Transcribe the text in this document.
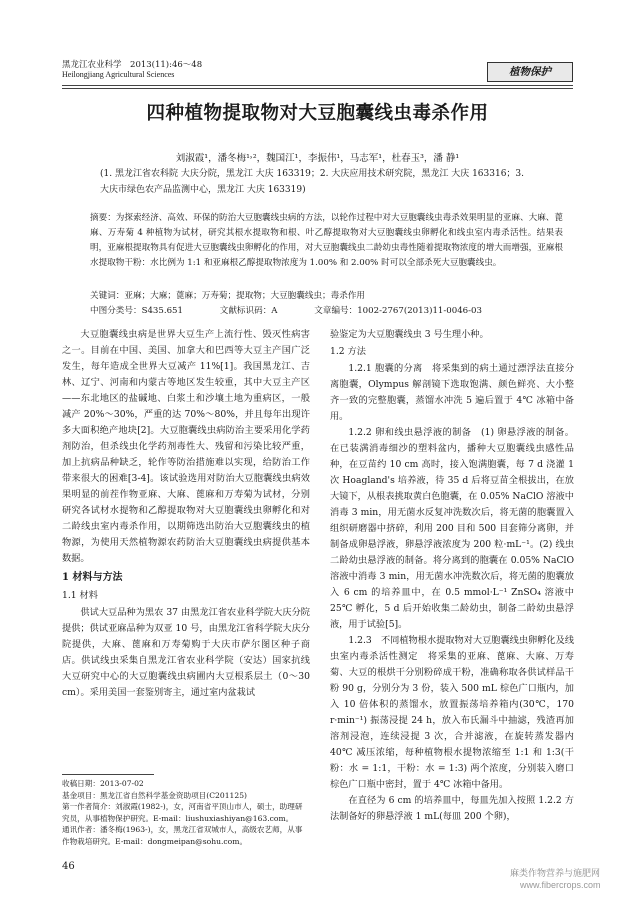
黑龙江农业科学　 2013(11):46～48
Heilongjiang Agricultural Sciences	植物保护
四种植物提取物对大豆胞囊线虫毒杀作用
刘淑霞¹，潘冬梅¹˒²，魏国江¹，李振伟¹，马志军¹，杜春玉³，潘 静¹
(1. 黑龙江省农科院 大庆分院，黑龙江 大庆 163319；2. 大庆应用技术研究院，黑龙江 大庆 163316；3. 大庆市绿色农产品监测中心，黑龙江 大庆 163319)
摘要：为探索经济、高效、环保的防治大豆胞囊线虫病的方法，以轮作过程中对大豆胞囊线虫毒杀效果明显的亚麻、大麻、蓖麻、万寿菊 4 种植物为试材，研究其根水提取物和根、叶乙醇提取物对大豆胞囊线虫卵孵化和线虫室内毒杀活性。结果表明，亚麻根提取物具有促进大豆胞囊线虫卵孵化的作用，对大豆胞囊线虫二龄幼虫毒性随着提取物浓度的增大而增强，亚麻根水提取物干粉：水比例为 1:1 和亚麻根乙醇提取物浓度为 1.00% 和 2.00% 时可以全部杀死大豆胞囊线虫。
关键词：亚麻；大麻；蓖麻；万寿菊；提取物；大豆胞囊线虫；毒杀作用
中图分类号：S435.651	文献标识码：A	文章编号：1002-2767(2013)11-0046-03

大豆胞囊线虫病是世界大豆生产上流行性、毁灭性病害之一。目前在中国、美国、加拿大和巴西等大豆主产国广泛发生，每年造成全世界大豆减产 11%[1]。我国黑龙江、吉林、辽宁、河南和内蒙古等地区发生较重，其中大豆主产区——东北地区的盐碱地、白浆土和沙壤土地为重病区，一般减产 20%～30%，严重的达 70%～80%，并且每年出现许多大面积绝产地块[2]。大豆胞囊线虫病防治主要采用化学药剂防治，但杀线虫化学药剂毒性大、残留和污染比较严重，加上抗病品种缺乏，轮作等防治措施难以实现，给防治工作带来很大的困难[3-4]。该试验选用对防治大豆胞囊线虫病效果明显的前茬作物亚麻、大麻、蓖麻和万寿菊为试材，分别研究各试材水提物和乙醇提取物对大豆胞囊线虫卵孵化和对二龄线虫室内毒杀作用，以期筛选出防治大豆胞囊线虫的植物源，为使用天然植物源农药防治大豆胞囊线虫病提供基本数据。

1 材料与方法
1.1 材料

供试大豆品种为黑农 37 由黑龙江省农业科学院大庆分院提供；供试亚麻品种为双亚 10 号，由黑龙江省科学院大庆分院提供，大麻、蓖麻和万寿菊购于大庆市萨尔图区种子商店。供试线虫采集自黑龙江省农业科学院（安达）国家抗线大豆研究中心的大豆胞囊线虫病圃内大豆根系层土（0～30 cm）。采用美国一套鉴别寄主，通过室内盆栽试

验鉴定为大豆胞囊线虫 3 号生理小种。

1.2 方法

1.2.1 胞囊的分离　 将采集到的病土通过漂浮法直接分离胞囊，Olympus 解剖镜下选取饱满、颜色鲜亮、大小整齐一致的完整胞囊，蒸馏水冲洗 5 遍后置于 4℃ 冰箱中备用。

1.2.2 卵和线虫悬浮液的制备　 (1) 卵悬浮液的制备。在已装满消毒细沙的塑料盆内，播种大豆胞囊线虫感性品种，在豆苗约 10 cm 高时，接入饱满胞囊，每 7 d 浇灌 1 次 Hoagland's 培养液，待 35 d 后将豆苗全根拔出，在放大镜下，从根表挑取黄白色胞囊，在 0.05% NaClO 溶液中消毒 3 min，用无菌水反复冲洗数次后，将无菌的胞囊置入组织研磨器中挤碎，利用 200 目和 500 目套筛分离卵，并制备成卵悬浮液，卵悬浮液浓度为 200 粒·mL⁻¹。(2) 线虫二龄幼虫悬浮液的制备。将分离到的胞囊在 0.05% NaClO 溶液中消毒 3 min，用无菌水冲洗数次后，将无菌的胞囊放入 6 cm 的培养皿中，在 0.5 mmol·L⁻¹ ZnSO₄ 溶液中 25℃ 孵化，5 d 后开始收集二龄幼虫，制备二龄幼虫悬浮液，用于试验[5]。

1.2.3　 不同植物根水提取物对大豆胞囊线虫卵孵化及线虫室内毒杀活性测定　将采集的亚麻、蓖麻、大麻、万寿菊、大豆的根烘干分别粉碎成干粉，准确称取各供试样品干粉 90 g，分别分为 3 份，装入 500 mL 棕色广口瓶内，加入 10 倍体积的蒸馏水，放置振荡培养箱内(30℃，170 r·min⁻¹) 振荡浸提 24 h，放入布氏漏斗中抽滤，残渣再加溶剂浸泡，连续浸提 3 次，合并滤液，在旋转蒸发器内 40℃ 减压浓缩，每种植物根水提物浓缩至 1:1 和 1:3(干粉：水 = 1:1，干粉：水 = 1:3) 两个浓度，分别装入磨口棕色广口瓶中密封，置于 4℃ 冰箱中备用。

在直径为 6 cm 的培养皿中，每皿先加入按照 1.2.2 方法制备好的卵悬浮液 1 mL(每皿 200 个卵)，

收稿日期：2013-07-02
基金项目：黑龙江省自然科学基金资助项目(C201125)
第一作者简介：刘淑霞(1982-)，女，河南省平顶山市人，硕士，助理研究员，从事植物保护研究。E-mail：liushuxiashiyan@163.com。
通讯作者：潘冬梅(1963-)，女，黑龙江省双城市人，高级农艺师，从事作物栽培研究。E-mail：dongmeipan@sohu.com。
46
麻类作物营养与施肥网
www.fibercrops.com
